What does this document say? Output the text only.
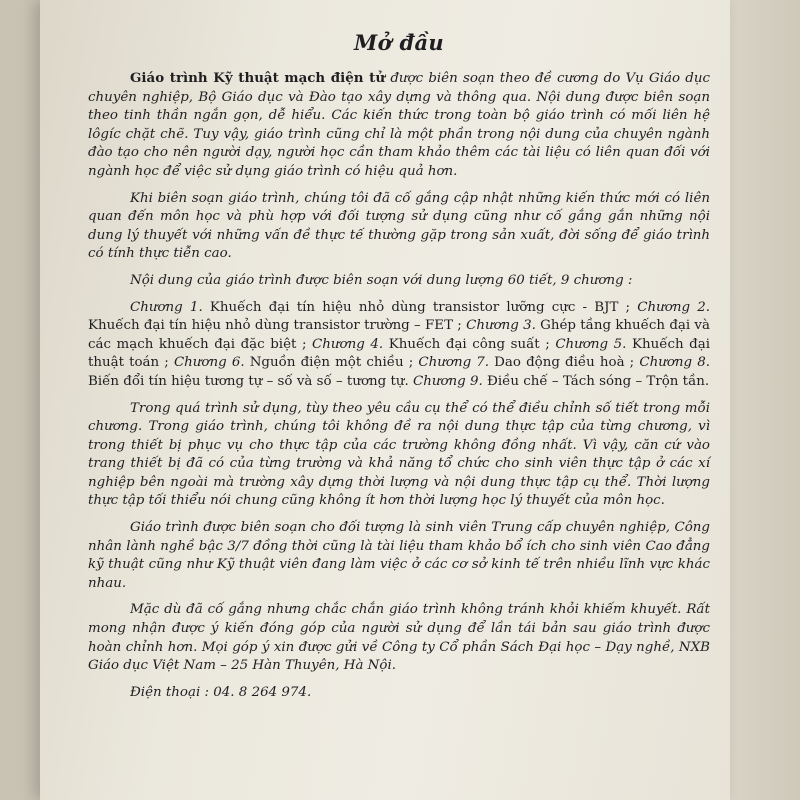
Mở đầu

Giáo trình Kỹ thuật mạch điện tử được biên soạn theo đề cương do Vụ Giáo dục chuyên nghiệp, Bộ Giáo dục và Đào tạo xây dựng và thông qua. Nội dung được biên soạn theo tinh thần ngắn gọn, dễ hiểu. Các kiến thức trong toàn bộ giáo trình có mối liên hệ lôgíc chặt chẽ. Tuy vậy, giáo trình cũng chỉ là một phần trong nội dung của chuyên ngành đào tạo cho nên người dạy, người học cần tham khảo thêm các tài liệu có liên quan đối với ngành học để việc sử dụng giáo trình có hiệu quả hơn.

Khi biên soạn giáo trình, chúng tôi đã cố gắng cập nhật những kiến thức mới có liên quan đến môn học và phù hợp với đối tượng sử dụng cũng như cố gắng gắn những nội dung lý thuyết với những vấn đề thực tế thường gặp trong sản xuất, đời sống để giáo trình có tính thực tiễn cao.

Nội dung của giáo trình được biên soạn với dung lượng 60 tiết, 9 chương :

Chương 1. Khuếch đại tín hiệu nhỏ dùng transistor lưỡng cực - BJT ; Chương 2. Khuếch đại tín hiệu nhỏ dùng transistor trường – FET ; Chương 3. Ghép tầng khuếch đại và các mạch khuếch đại đặc biệt ; Chương 4. Khuếch đại công suất ; Chương 5. Khuếch đại thuật toán ; Chương 6. Nguồn điện một chiều ; Chương 7. Dao động điều hoà ; Chương 8. Biến đổi tín hiệu tương tự – số và số – tương tự. Chương 9. Điều chế – Tách sóng – Trộn tần.

Trong quá trình sử dụng, tùy theo yêu cầu cụ thể có thể điều chỉnh số tiết trong mỗi chương. Trong giáo trình, chúng tôi không đề ra nội dung thực tập của từng chương, vì trong thiết bị phục vụ cho thực tập của các trường không đồng nhất. Vì vậy, căn cứ vào trang thiết bị đã có của từng trường và khả năng tổ chức cho sinh viên thực tập ở các xí nghiệp bên ngoài mà trường xây dựng thời lượng và nội dung thực tập cụ thể. Thời lượng thực tập tối thiểu nói chung cũng không ít hơn thời lượng học lý thuyết của môn học.

Giáo trình được biên soạn cho đối tượng là sinh viên Trung cấp chuyên nghiệp, Công nhân lành nghề bậc 3/7 đồng thời cũng là tài liệu tham khảo bổ ích cho sinh viên Cao đẳng kỹ thuật cũng như Kỹ thuật viên đang làm việc ở các cơ sở kinh tế trên nhiều lĩnh vực khác nhau.

Mặc dù đã cố gắng nhưng chắc chắn giáo trình không tránh khỏi khiếm khuyết. Rất mong nhận được ý kiến đóng góp của người sử dụng để lần tái bản sau giáo trình được hoàn chỉnh hơn. Mọi góp ý xin được gửi về Công ty Cổ phần Sách Đại học – Dạy nghề, NXB Giáo dục Việt Nam – 25 Hàn Thuyên, Hà Nội.

Điện thoại : 04. 8 264 974.
